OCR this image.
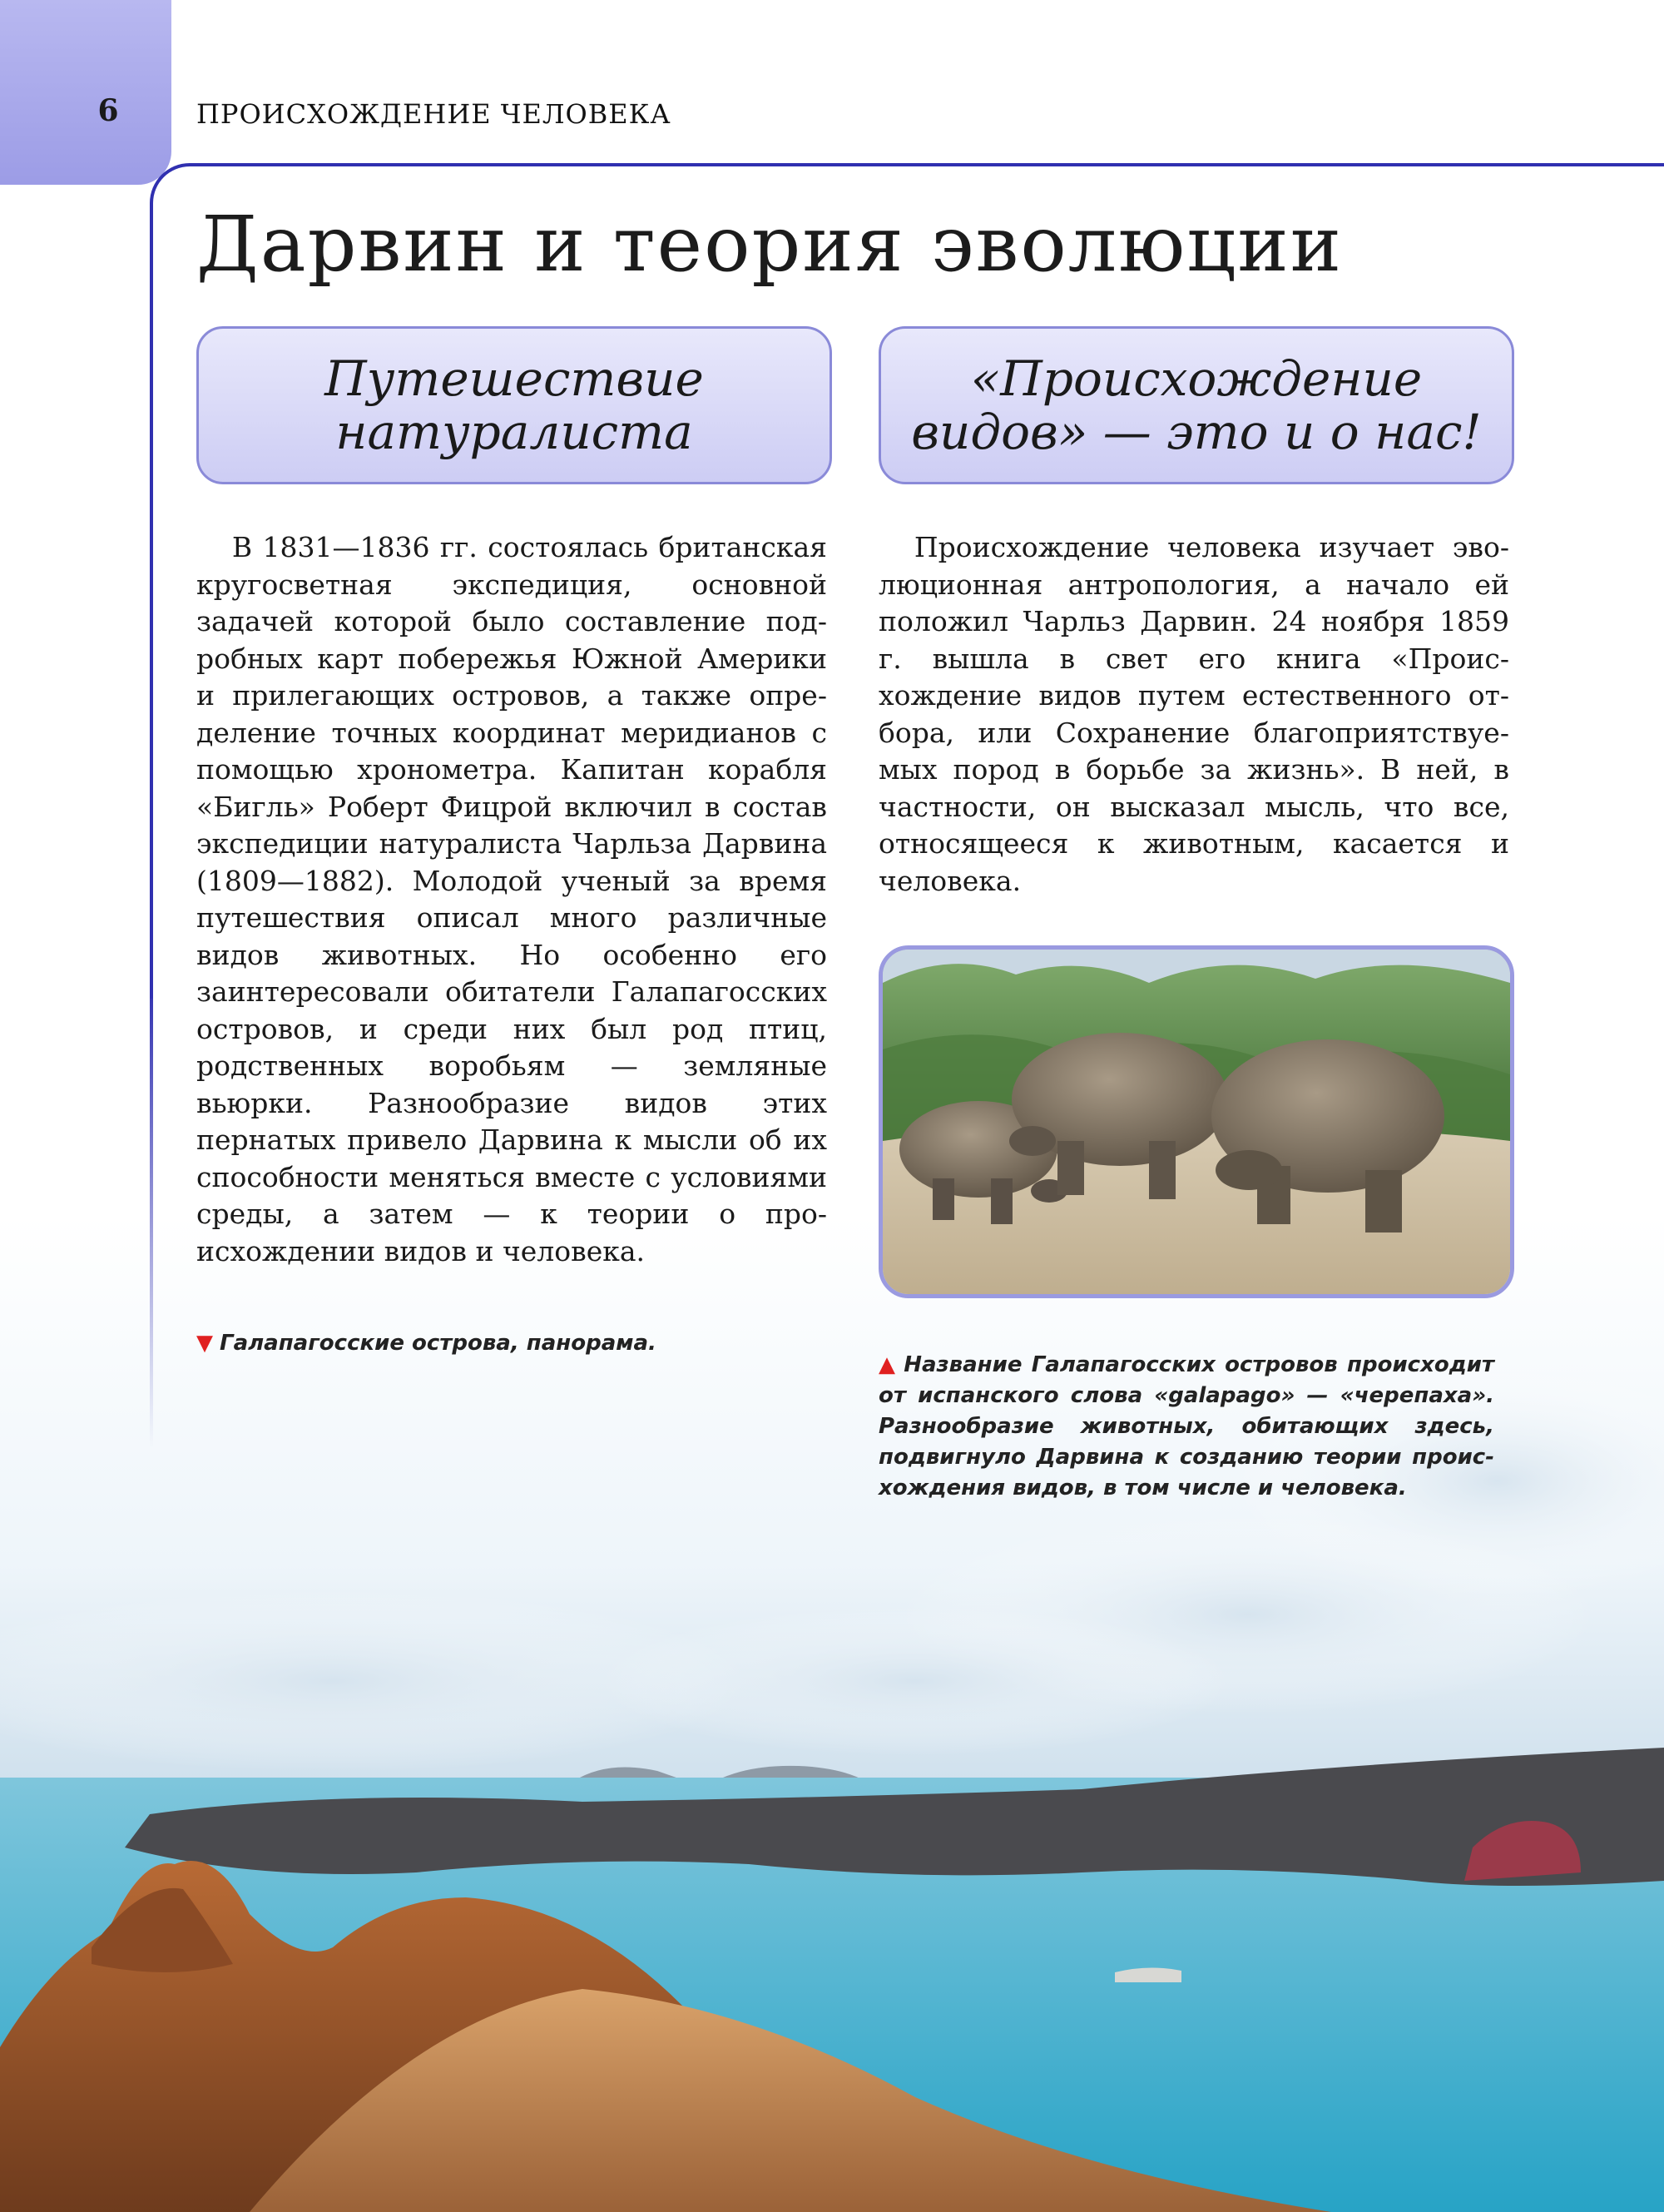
6	ПРОИСХОЖДЕНИЕ ЧЕЛОВЕКА
Дарвин и теория эволюции
Путешествие натуралиста
«Происхождение видов» — это и о нас!

В 1831—1836 гг. состоялась британская кругосветная экспедиция, основной задачей которой было составление подробных карт побережья Южной Америки и прилегающих островов, а также определение точных координат меридианов с помощью хронометра. Капитан корабля «Бигль» Роберт Фицрой включил в состав экспедиции натуралиста Чарльза Дарвина (1809—1882). Молодой ученый за время путешествия описал много различные видов животных. Но особенно его заинтересовали обитатели Галапагосских островов, и среди них был род птиц, родственных воробьям — земляные вьюрки. Разнообразие видов этих пернатых привело Дарвина к мысли об их способности меняться вместе с условиями среды, а затем — к теории о происхождении видов и человека.

Происхождение человека изучает эволюционная антропология, а начало ей положил Чарльз Дарвин. 24 ноября 1859 г. вышла в свет его книга «Происхождение видов путем естественного отбора, или Сохранение благоприятствуемых пород в борьбе за жизнь». В ней, в частности, он высказал мысль, что все, относящееся к животным, касается и человека.

▼ Галапагосские острова, панорама.
▲ Название Галапагосских островов происходит от испанского слова «galapago» — «черепаха». Разнообразие животных, обитающих здесь, подвигнуло Дарвина к созданию теории происхождения видов, в том числе и человека.
